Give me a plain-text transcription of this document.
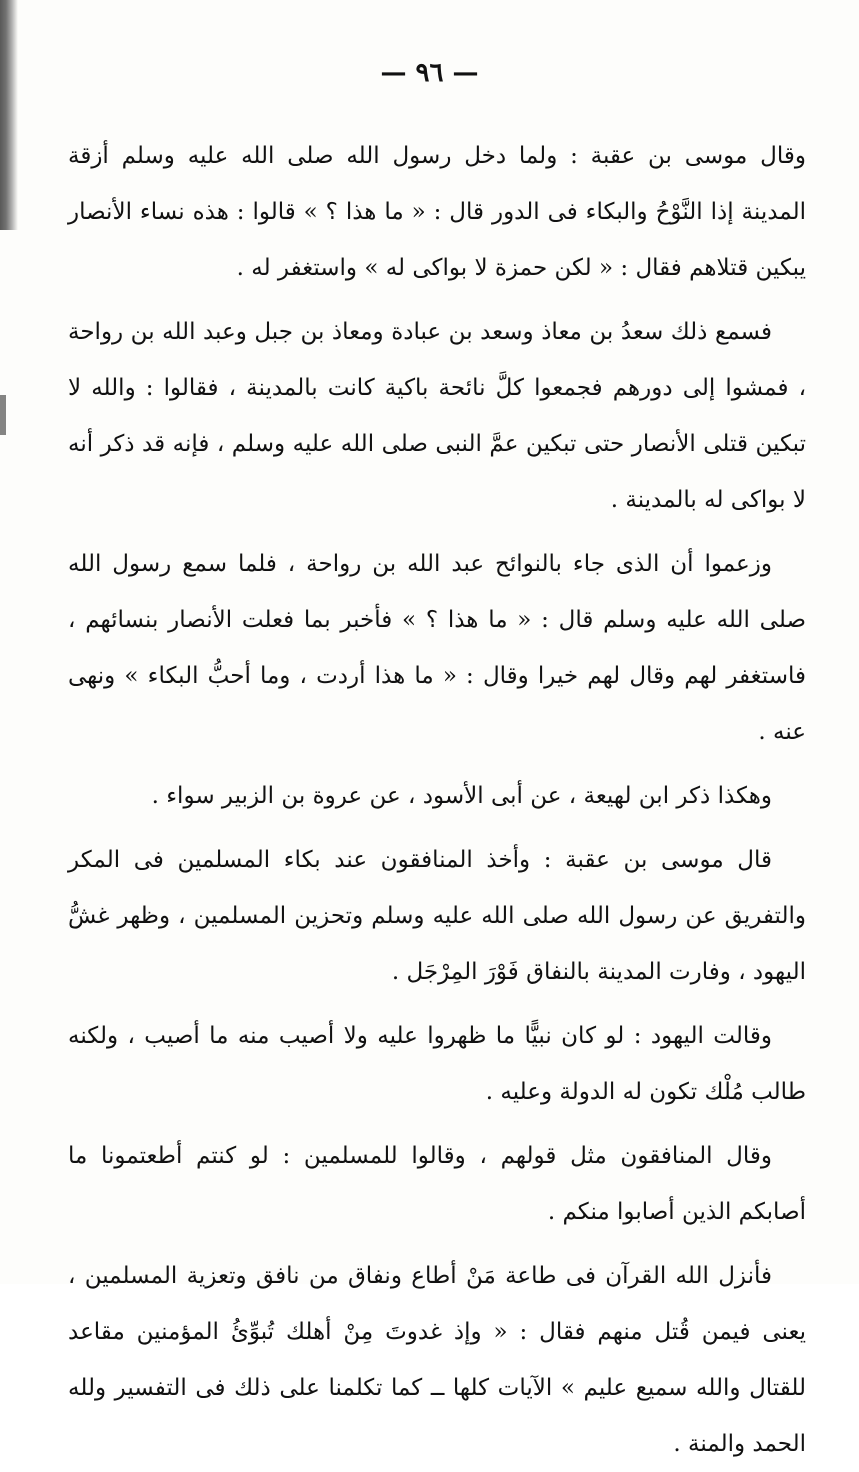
— ٩٦ —

وقال موسى بن عقبة : ولما دخل رسول الله صلى الله عليه وسلم أزقة المدينة إذا النَّوْحُ والبكاء فى الدور قال : « ما هذا ؟ » قالوا : هذه نساء الأنصار يبكين قتلاهم فقال : « لكن حمزة لا بواكى له » واستغفر له .

فسمع ذلك سعدُ بن معاذ وسعد بن عبادة ومعاذ بن جبل وعبد الله بن رواحة ، فمشوا إلى دورهم فجمعوا كلَّ نائحة باكية كانت بالمدينة ، فقالوا : والله لا تبكين قتلى الأنصار حتى تبكين عمَّ النبى صلى الله عليه وسلم ، فإنه قد ذكر أنه لا بواكى له بالمدينة .

وزعموا أن الذى جاء بالنوائح عبد الله بن رواحة ، فلما سمع رسول الله صلى الله عليه وسلم قال : « ما هذا ؟ » فأخبر بما فعلت الأنصار بنسائهم ، فاستغفر لهم وقال لهم خيرا وقال : « ما هذا أردت ، وما أحبُّ البكاء » ونهى عنه .

وهكذا ذكر ابن لهيعة ، عن أبى الأسود ، عن عروة بن الزبير سواء .

قال موسى بن عقبة : وأخذ المنافقون عند بكاء المسلمين فى المكر والتفريق عن رسول الله صلى الله عليه وسلم وتحزين المسلمين ، وظهر غشُّ اليهود ، وفارت المدينة بالنفاق فَوْرَ المِرْجَل .

وقالت اليهود : لو كان نبيًّا ما ظهروا عليه ولا أصيب منه ما أصيب ، ولكنه طالب مُلْك تكون له الدولة وعليه .

وقال المنافقون مثل قولهم ، وقالوا للمسلمين : لو كنتم أطعتمونا ما أصابكم الذين أصابوا منكم .

فأنزل الله القرآن فى طاعة مَنْ أطاع ونفاق من نافق وتعزية المسلمين ، يعنى فيمن قُتل منهم فقال : « وإذ غدوتَ مِنْ أهلك تُبوِّئُ المؤمنين مقاعد للقتال والله سميع عليم » الآيات كلها ــ كما تكلمنا على ذلك فى التفسير ولله الحمد والمنة .
